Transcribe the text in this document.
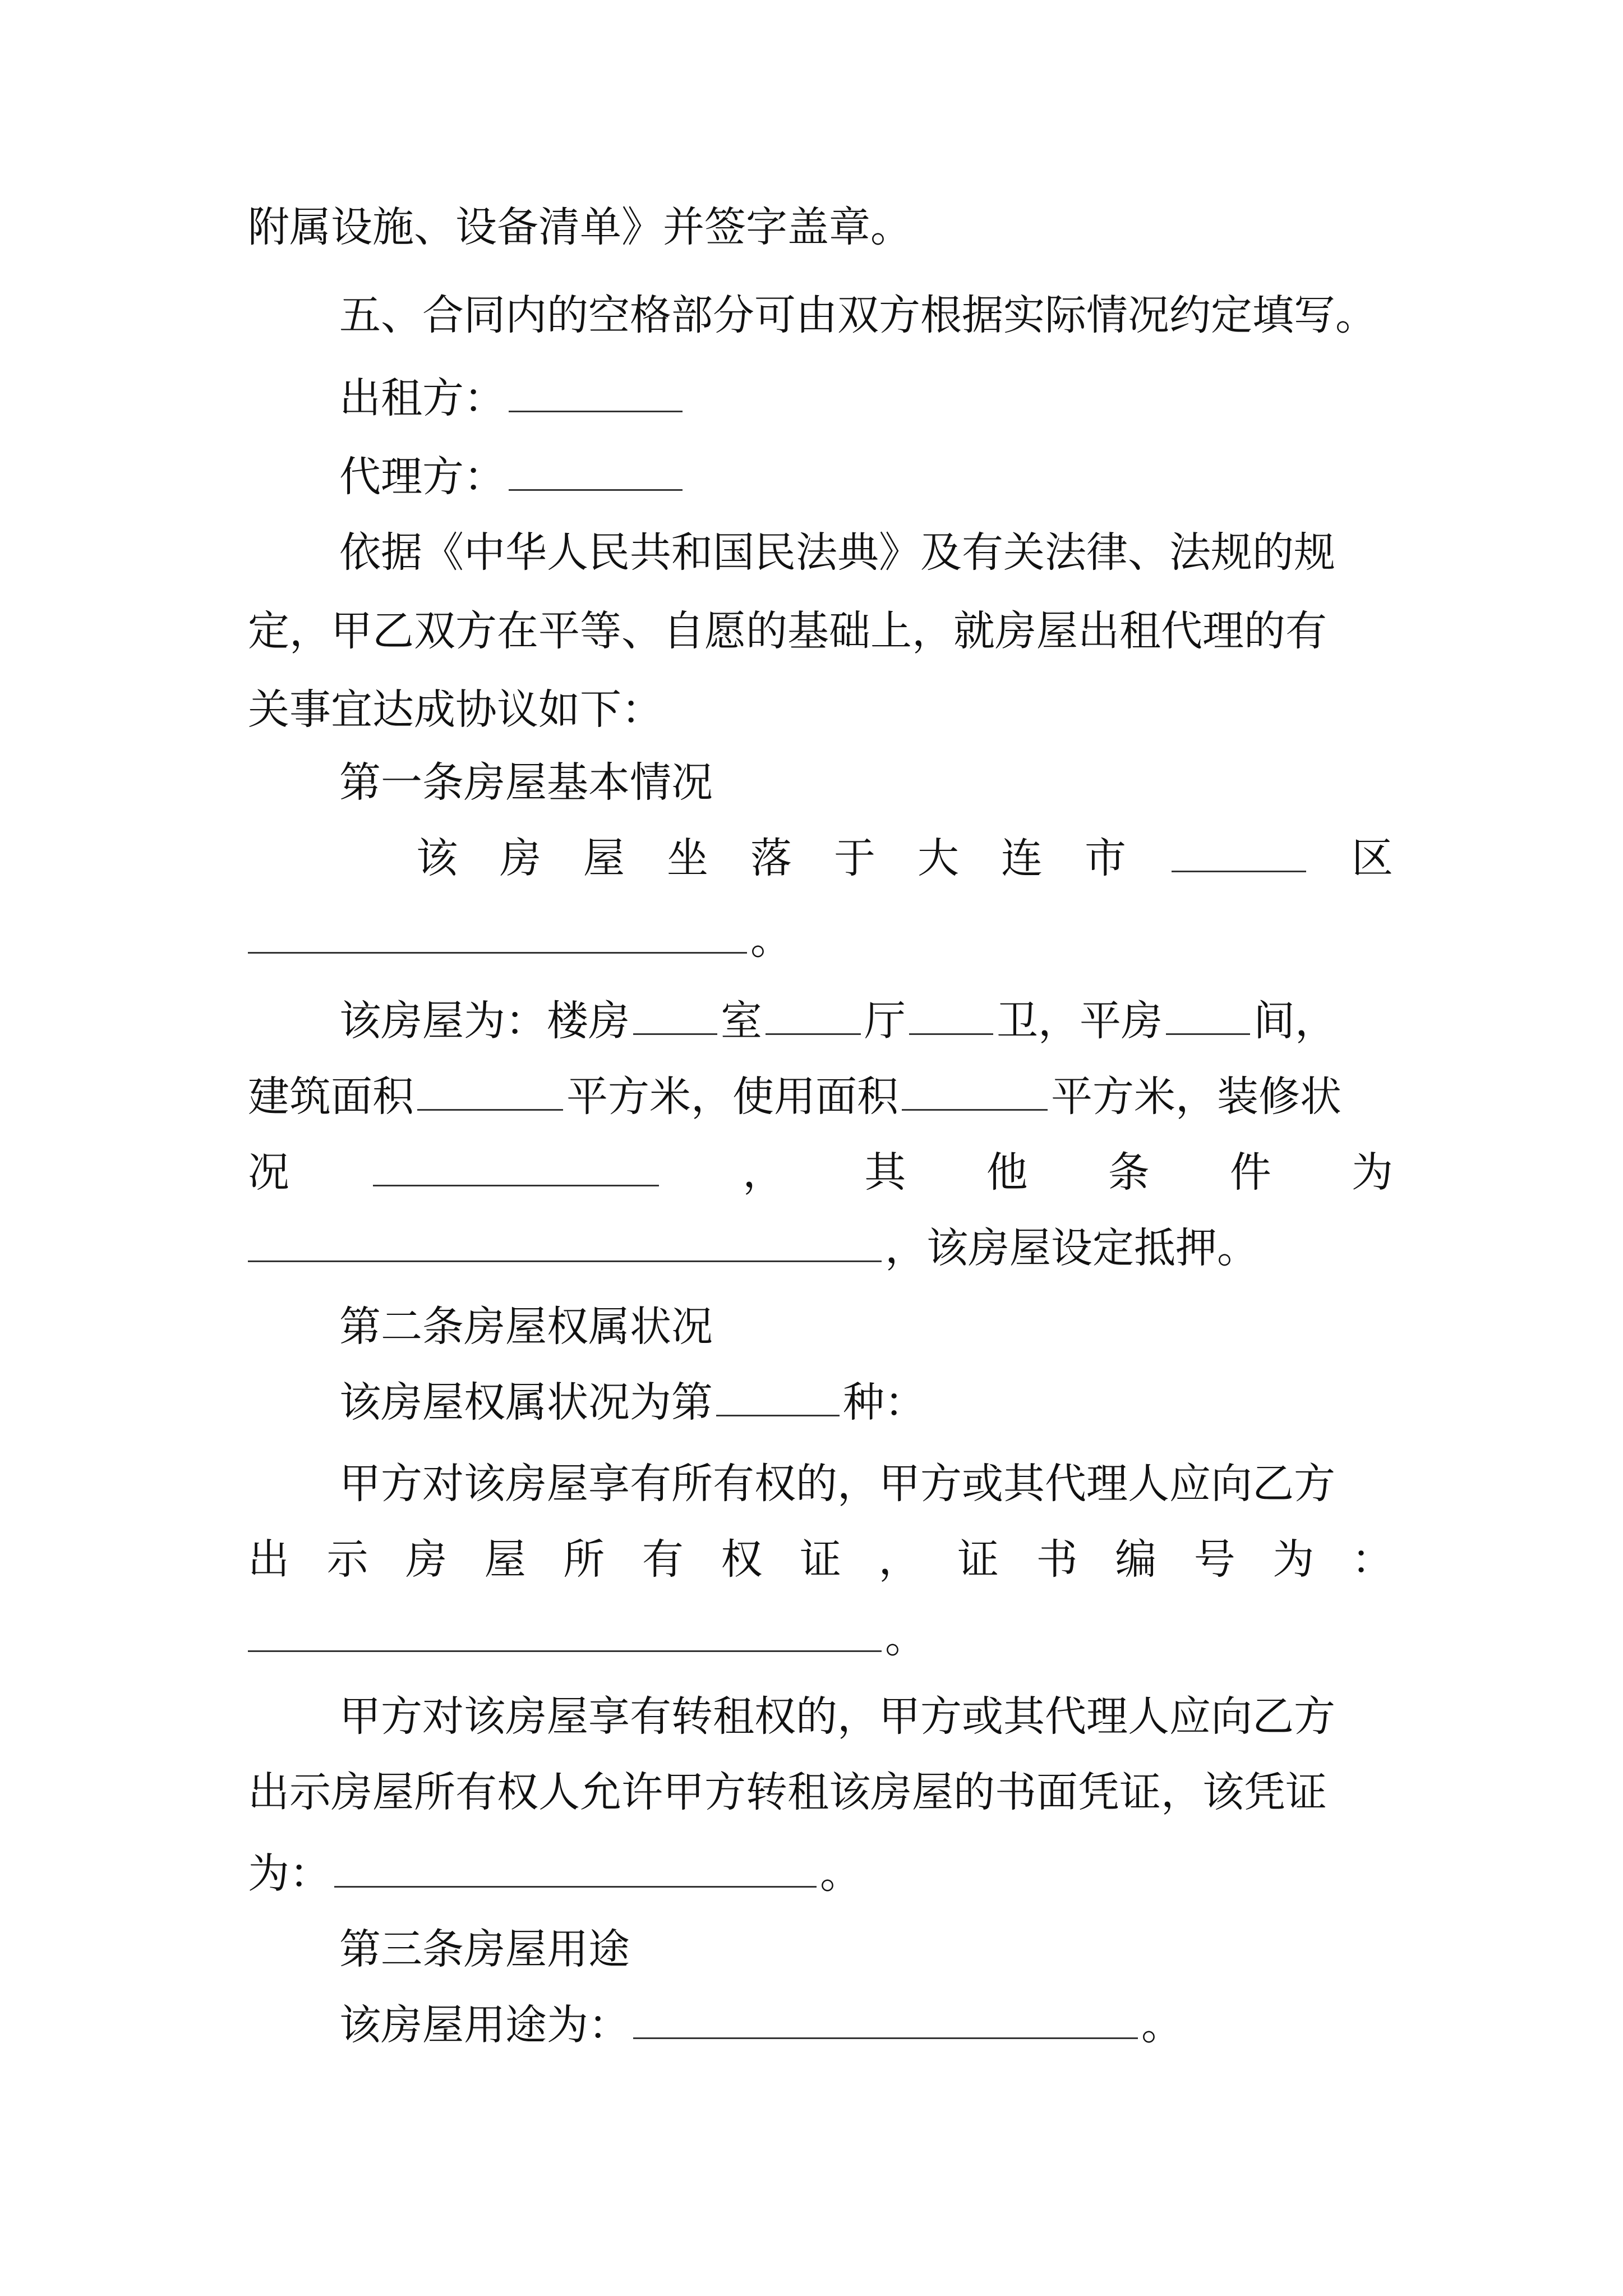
附属设施、设备清单》并签字盖章。
五、合同内的空格部分可由双方根据实际情况约定填写。
出租方：
代理方：
依据《中华人民共和国民法典》及有关法律、法规的规
定，甲乙双方在平等、自愿的基础上，就房屋出租代理的有
关事宜达成协议如下：
第一条房屋基本情况
该 房 屋 坐 落 于 大 连 市	区
。
该房屋为：楼房 室 厅 卫，平房 间，
建筑面积	平方米，使用面积	平方米，装修状
况	， 其 他 条 件 为
，该房屋设定抵押。
第二条房屋权属状况
该房屋权属状况为第	种：
甲方对该房屋享有所有权的，甲方或其代理人应向乙方
出 示 房 屋 所 有 权 证 ， 证 书 编 号 为 ：
。
甲方对该房屋享有转租权的，甲方或其代理人应向乙方
出示房屋所有权人允许甲方转租该房屋的书面凭证，该凭证
为：	。
第三条房屋用途
该房屋用途为：	。
